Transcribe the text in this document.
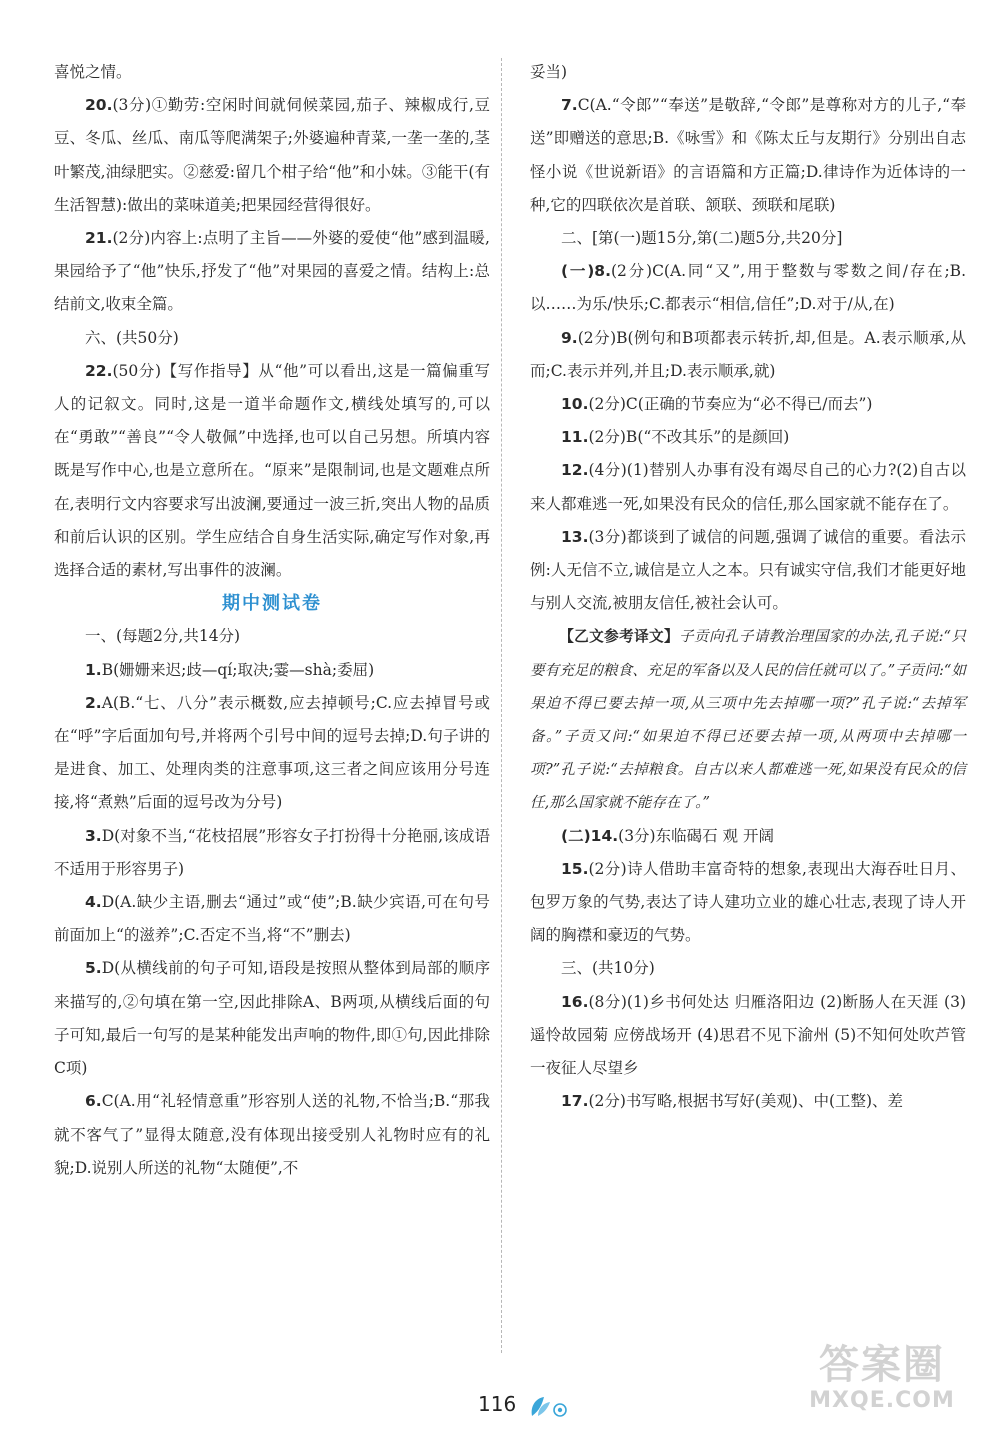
喜悦之情。

20.(3分)①勤劳:空闲时间就伺候菜园,茄子、辣椒成行,豆豆、冬瓜、丝瓜、南瓜等爬满架子;外婆遍种青菜,一垄一垄的,茎叶繁茂,油绿肥实。②慈爱:留几个柑子给“他”和小妹。③能干(有生活智慧):做出的菜味道美;把果园经营得很好。

21.(2分)内容上:点明了主旨——外婆的爱使“他”感到温暖,果园给予了“他”快乐,抒发了“他”对果园的喜爱之情。结构上:总结前文,收束全篇。

六、(共50分)

22.(50分)【写作指导】从“他”可以看出,这是一篇偏重写人的记叙文。同时,这是一道半命题作文,横线处填写的,可以在“勇敢”“善良”“令人敬佩”中选择,也可以自己另想。所填内容既是写作中心,也是立意所在。“原来”是限制词,也是文题难点所在,表明行文内容要求写出波澜,要通过一波三折,突出人物的品质和前后认识的区别。学生应结合自身生活实际,确定写作对象,再选择合适的素材,写出事件的波澜。

期中测试卷

一、(每题2分,共14分)

1.B(姗姗来迟;歧—qí;取决;霎—shà;委屈)

2.A(B.“七、八分”表示概数,应去掉顿号;C.应去掉冒号或在“呼”字后面加句号,并将两个引号中间的逗号去掉;D.句子讲的是进食、加工、处理肉类的注意事项,这三者之间应该用分号连接,将“煮熟”后面的逗号改为分号)

3.D(对象不当,“花枝招展”形容女子打扮得十分艳丽,该成语不适用于形容男子)

4.D(A.缺少主语,删去“通过”或“使”;B.缺少宾语,可在句号前面加上“的滋养”;C.否定不当,将“不”删去)

5.D(从横线前的句子可知,语段是按照从整体到局部的顺序来描写的,②句填在第一空,因此排除A、B两项,从横线后面的句子可知,最后一句写的是某种能发出声响的物件,即①句,因此排除C项)

6.C(A.用“礼轻情意重”形容别人送的礼物,不恰当;B.“那我就不客气了”显得太随意,没有体现出接受别人礼物时应有的礼貌;D.说别人所送的礼物“太随便”,不

妥当)

7.C(A.“令郎”“奉送”是敬辞,“令郎”是尊称对方的儿子,“奉送”即赠送的意思;B.《咏雪》和《陈太丘与友期行》分别出自志怪小说《世说新语》的言语篇和方正篇;D.律诗作为近体诗的一种,它的四联依次是首联、颔联、颈联和尾联)

二、[第(一)题15分,第(二)题5分,共20分]

(一)8.(2分)C(A.同“又”,用于整数与零数之间/存在;B.以……为乐/快乐;C.都表示“相信,信任”;D.对于/从,在)

9.(2分)B(例句和B项都表示转折,却,但是。A.表示顺承,从而;C.表示并列,并且;D.表示顺承,就)

10.(2分)C(正确的节奏应为“必不得已/而去”)

11.(2分)B(“不改其乐”的是颜回)

12.(4分)(1)替别人办事有没有竭尽自己的心力?(2)自古以来人都难逃一死,如果没有民众的信任,那么国家就不能存在了。

13.(3分)都谈到了诚信的问题,强调了诚信的重要。看法示例:人无信不立,诚信是立人之本。只有诚实守信,我们才能更好地与别人交流,被朋友信任,被社会认可。

【乙文参考译文】子贡向孔子请教治理国家的办法,孔子说:“只要有充足的粮食、充足的军备以及人民的信任就可以了。”子贡问:“如果迫不得已要去掉一项,从三项中先去掉哪一项?”孔子说:“去掉军备。”子贡又问:“如果迫不得已还要去掉一项,从两项中去掉哪一项?”孔子说:“去掉粮食。自古以来人都难逃一死,如果没有民众的信任,那么国家就不能存在了。”

(二)14.(3分)东临碣石 观 开阔

15.(2分)诗人借助丰富奇特的想象,表现出大海吞吐日月、包罗万象的气势,表达了诗人建功立业的雄心壮志,表现了诗人开阔的胸襟和豪迈的气势。

三、(共10分)

16.(8分)(1)乡书何处达 归雁洛阳边 (2)断肠人在天涯 (3)遥怜故园菊 应傍战场开 (4)思君不见下渝州 (5)不知何处吹芦管 一夜征人尽望乡

17.(2分)书写略,根据书写好(美观)、中(工整)、差

116
答案圈
MXQE.COM
